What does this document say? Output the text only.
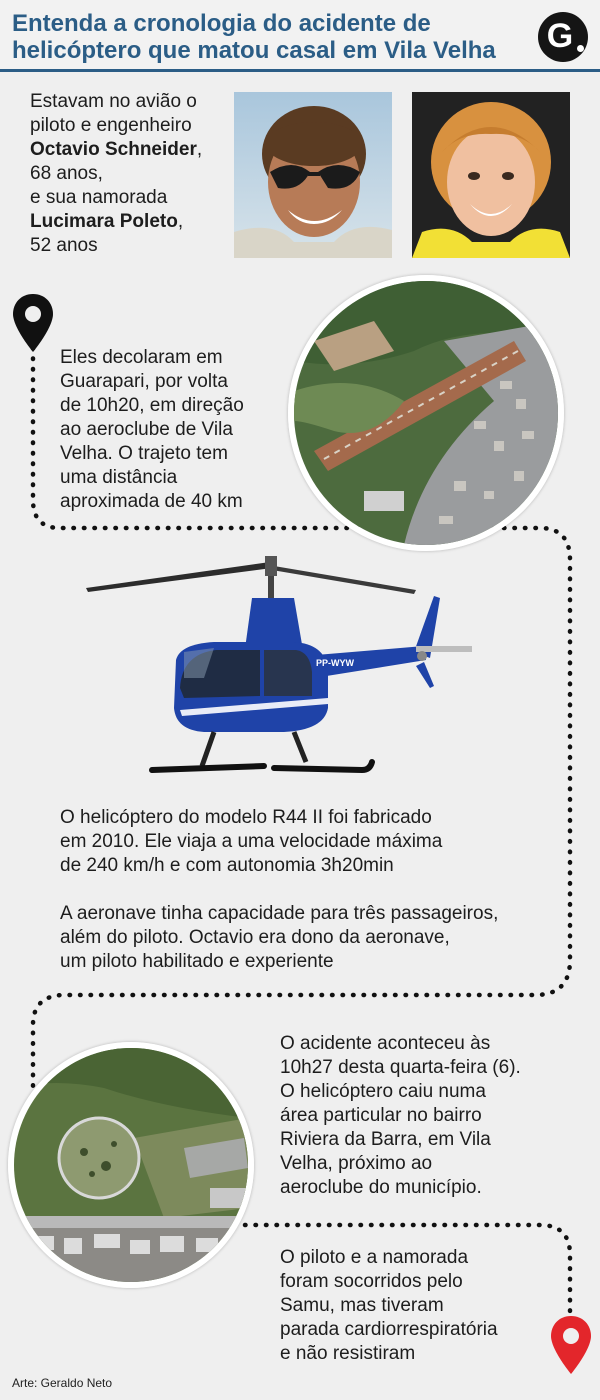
Entenda a cronologia do acidente de helicóptero que matou casal em Vila Velha	G
Estavam no avião o
piloto e engenheiro
Octavio Schneider,
68 anos,
e sua namorada
Lucimara Poleto,
52 anos
Eles decolaram em
Guarapari, por volta
de 10h20, em direção
ao aeroclube de Vila
Velha. O trajeto tem
uma distância
aproximada de 40 km
PP-WYW
O helicóptero do modelo R44 II foi fabricado
em 2010. Ele viaja a uma velocidade máxima
de 240 km/h e com autonomia 3h20min
A aeronave tinha capacidade para três passageiros,
além do piloto. Octavio era dono da aeronave,
um piloto habilitado e experiente
O acidente aconteceu às
10h27 desta quarta-feira (6).
O helicóptero caiu numa
área particular no bairro
Riviera da Barra, em Vila
Velha, próximo ao
aeroclube do município.
O piloto e a namorada
foram socorridos pelo
Samu, mas tiveram
parada cardiorrespiratória
e não resistiram
Arte: Geraldo Neto
